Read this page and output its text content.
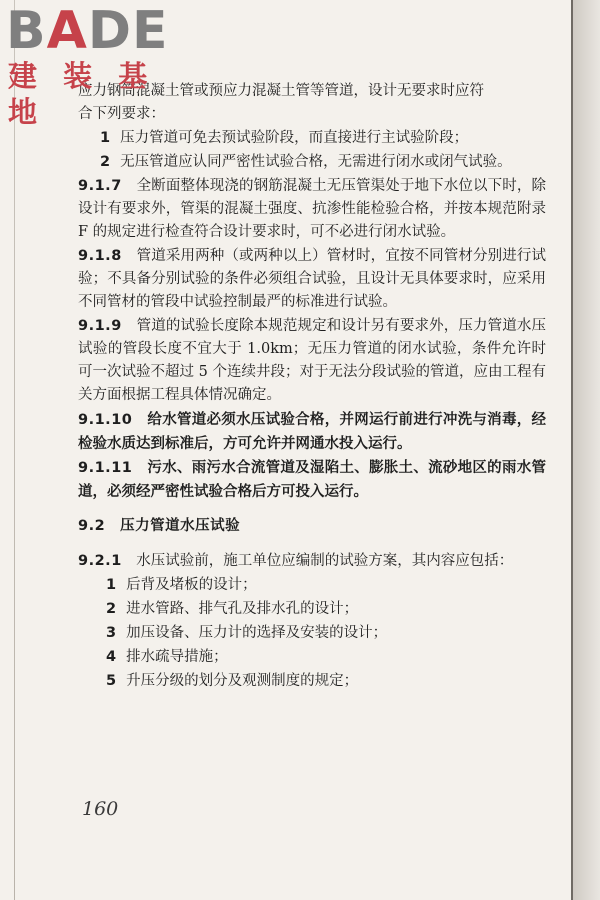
BADE
建 装 基 地

应力钢筒混凝土管或预应力混凝土管等管道，设计无要求时应符
合下列要求：

1 压力管道可免去预试验阶段，而直接进行主试验阶段；

2 无压管道应认同严密性试验合格，无需进行闭水或闭气试验。

9.1.7　 全断面整体现浇的钢筋混凝土无压管渠处于地下水位以下时，除设计有要求外，管渠的混凝土强度、抗渗性能检验合格，并按本规范附录 F 的规定进行检查符合设计要求时，可不必进行闭水试验。

9.1.8　 管道采用两种（或两种以上）管材时，宜按不同管材分别进行试验；不具备分别试验的条件必须组合试验，且设计无具体要求时，应采用不同管材的管段中试验控制最严的标准进行试验。

9.1.9　 管道的试验长度除本规范规定和设计另有要求外，压力管道水压试验的管段长度不宜大于 1.0km；无压力管道的闭水试验，条件允许时可一次试验不超过 5 个连续井段；对于无法分段试验的管道，应由工程有关方面根据工程具体情况确定。

9.1.10　 给水管道必须水压试验合格，并网运行前进行冲洗与消毒，经检验水质达到标准后，方可允许并网通水投入运行。

9.1.11　 污水、雨污水合流管道及湿陷土、膨胀土、流砂地区的雨水管道，必须经严密性试验合格后方可投入运行。

9.2　压力管道水压试验

9.2.1　 水压试验前，施工单位应编制的试验方案，其内容应包括：

1 后背及堵板的设计；

2 进水管路、排气孔及排水孔的设计；

3 加压设备、压力计的选择及安装的设计；

4 排水疏导措施；

5 升压分级的划分及观测制度的规定；

160
